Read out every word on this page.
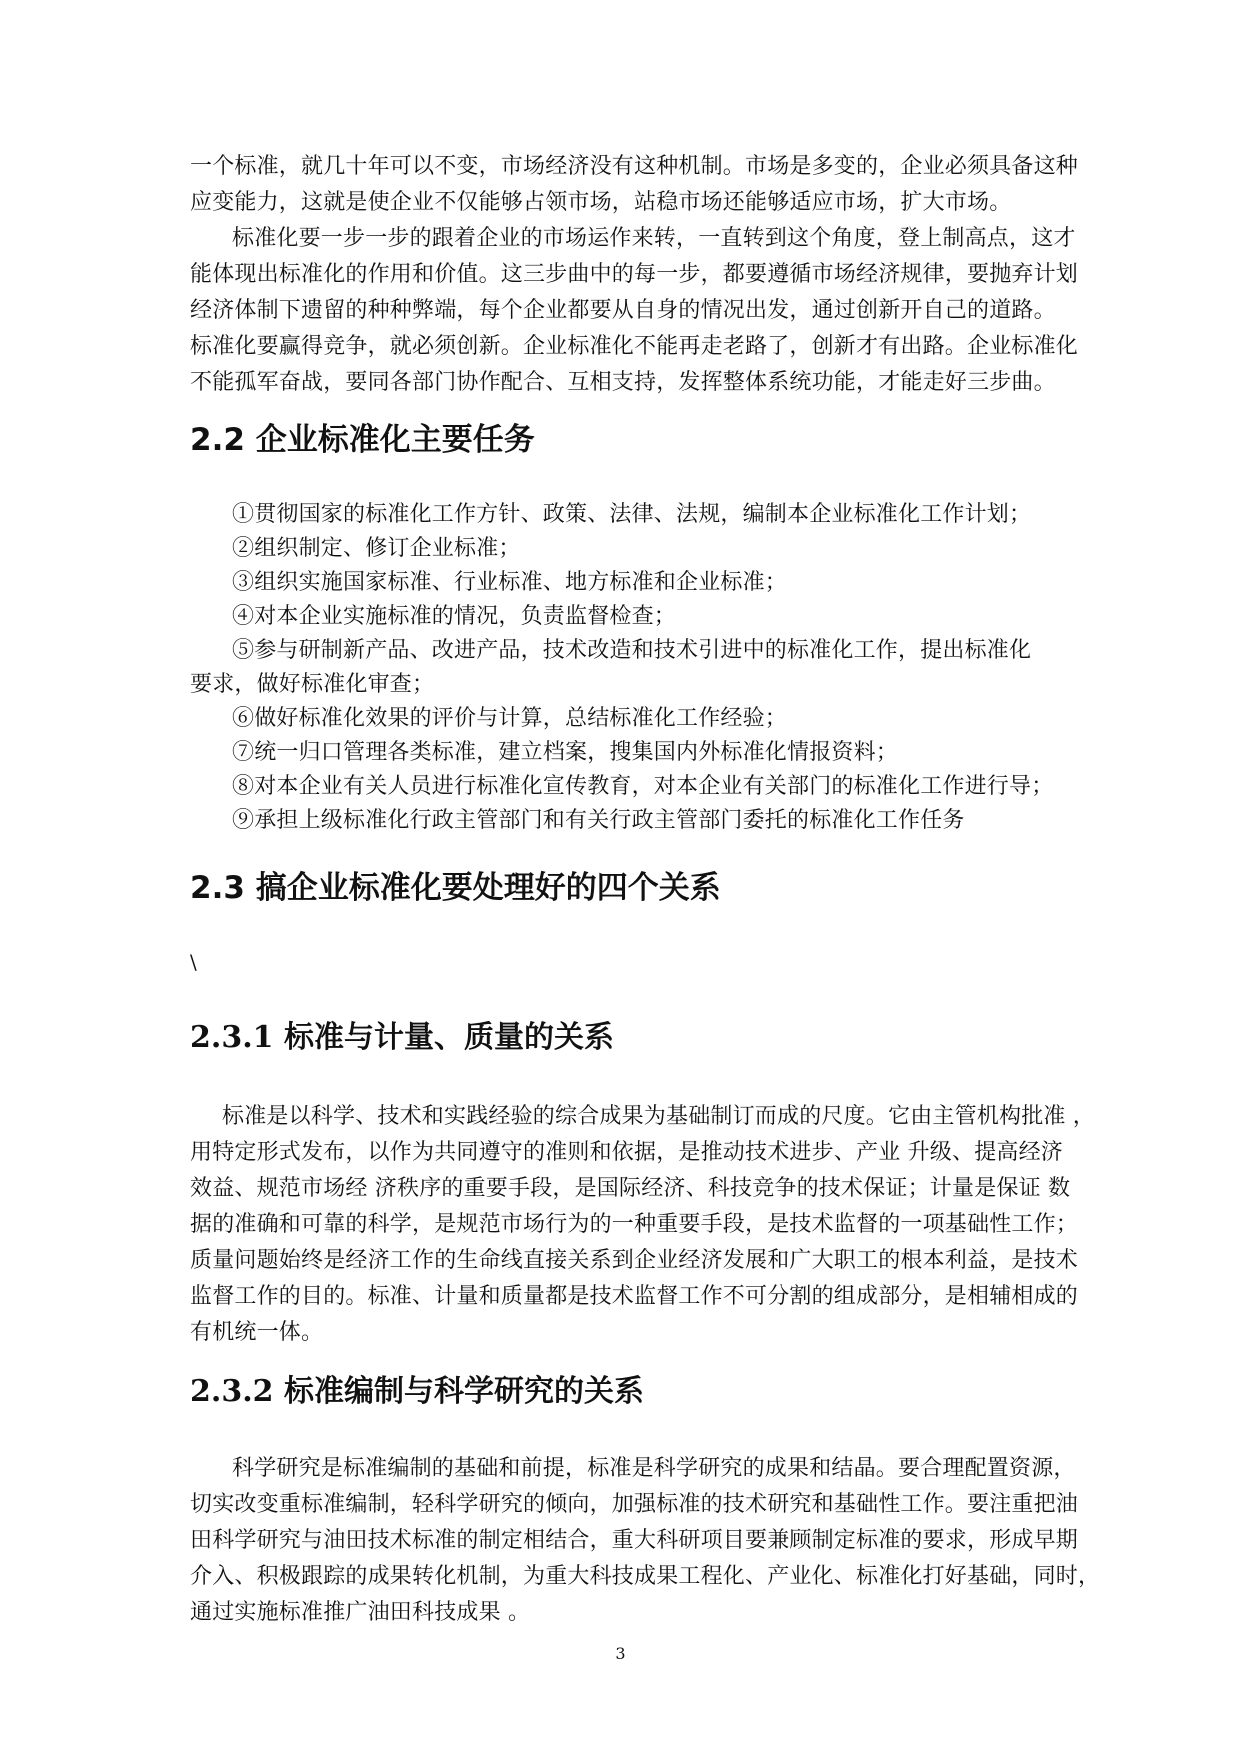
一个标准，就几十年可以不变，市场经济没有这种机制。市场是多变的，企业必须具备这种
应变能力，这就是使企业不仅能够占领市场，站稳市场还能够适应市场，扩大市场。
标准化要一步一步的跟着企业的市场运作来转，一直转到这个角度，登上制高点，这才
能体现出标准化的作用和价值。这三步曲中的每一步，都要遵循市场经济规律，要抛弃计划
经济体制下遗留的种种弊端，每个企业都要从自身的情况出发，通过创新开自己的道路。
标准化要赢得竞争，就必须创新。企业标准化不能再走老路了，创新才有出路。企业标准化
不能孤军奋战，要同各部门协作配合、互相支持，发挥整体系统功能，才能走好三步曲。
2.2 企业标准化主要任务
①贯彻国家的标准化工作方针、政策、法律、法规，编制本企业标准化工作计划；
②组织制定、修订企业标准；
③组织实施国家标准、行业标准、地方标准和企业标准；
④对本企业实施标准的情况，负责监督检查；
⑤参与研制新产品、改进产品，技术改造和技术引进中的标准化工作，提出标准化
要求，做好标准化审查；
⑥做好标准化效果的评价与计算，总结标准化工作经验；
⑦统一归口管理各类标准，建立档案，搜集国内外标准化情报资料；
⑧对本企业有关人员进行标准化宣传教育，对本企业有关部门的标准化工作进行导；
⑨承担上级标准化行政主管部门和有关行政主管部门委托的标准化工作任务
2.3 搞企业标准化要处理好的四个关系
\
2.3.1 标准与计量、质量的关系
标准是以科学、技术和实践经验的综合成果为基础制订而成的尺度。它由主管机构批准 ，
用特定形式发布，以作为共同遵守的准则和依据，是推动技术进步、产业 升级、提高经济
效益、规范市场经 济秩序的重要手段，是国际经济、科技竞争的技术保证；计量是保证 数
据的准确和可靠的科学，是规范市场行为的一种重要手段，是技术监督的一项基础性工作；
质量问题始终是经济工作的生命线直接关系到企业经济发展和广大职工的根本利益，是技术
监督工作的目的。标准、计量和质量都是技术监督工作不可分割的组成部分，是相辅相成的
有机统一体。
2.3.2 标准编制与科学研究的关系
科学研究是标准编制的基础和前提，标准是科学研究的成果和结晶。要合理配置资源，
切实改变重标准编制，轻科学研究的倾向，加强标准的技术研究和基础性工作。要注重把油
田科学研究与油田技术标准的制定相结合，重大科研项目要兼顾制定标准的要求，形成早期
介入、积极跟踪的成果转化机制，为重大科技成果工程化、产业化、标准化打好基础，同时，
通过实施标准推广油田科技成果 。
3
